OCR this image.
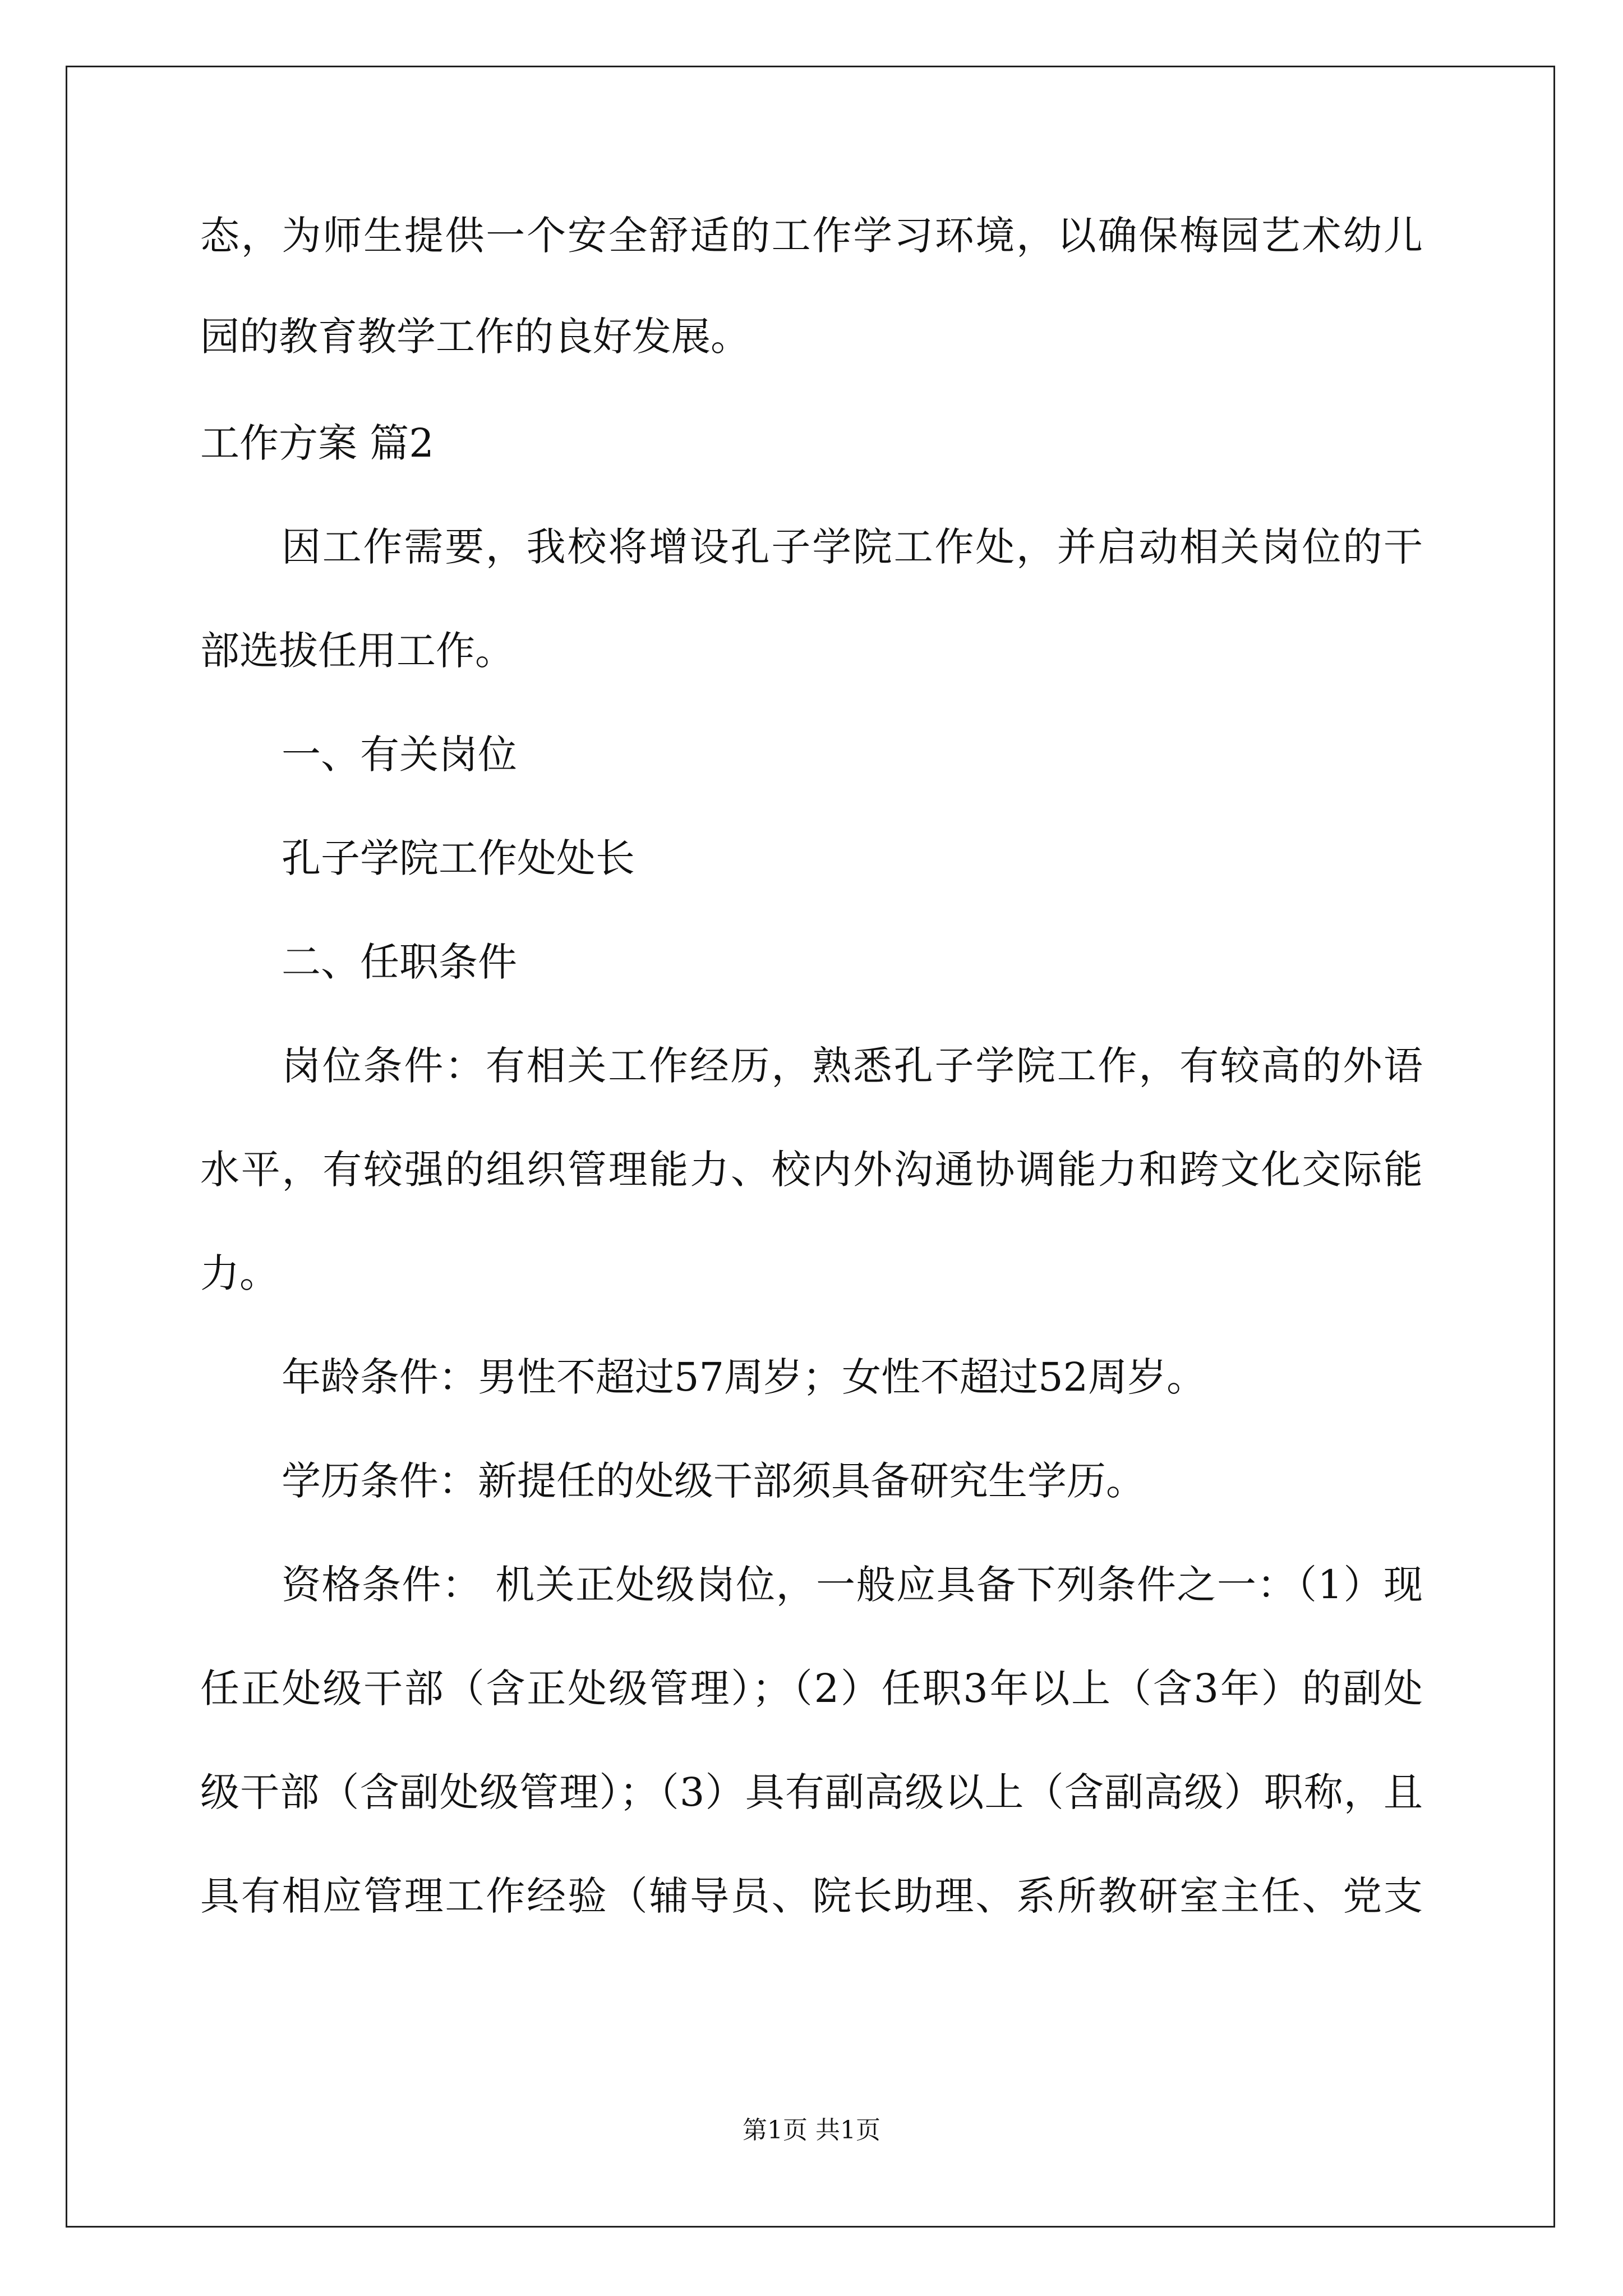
态，为师生提供一个安全舒适的工作学习环境，以确保梅园艺术幼儿
园的教育教学工作的良好发展。
工作方案 篇2
因工作需要，我校将增设孔子学院工作处，并启动相关岗位的干
部选拔任用工作。
一、有关岗位
孔子学院工作处处长
二、任职条件
岗位条件：有相关工作经历，熟悉孔子学院工作，有较高的外语
水平，有较强的组织管理能力、校内外沟通协调能力和跨文化交际能
力。
年龄条件：男性不超过57周岁；女性不超过52周岁。
学历条件：新提任的处级干部须具备研究生学历。
资格条件： 机关正处级岗位，一般应具备下列条件之一：（1）现
任正处级干部（含正处级管理）；（2）任职3年以上（含3年）的副处
级干部（含副处级管理）；（3）具有副高级以上（含副高级）职称，且
具有相应管理工作经验（辅导员、院长助理、系所教研室主任、党支
第1页 共1页
